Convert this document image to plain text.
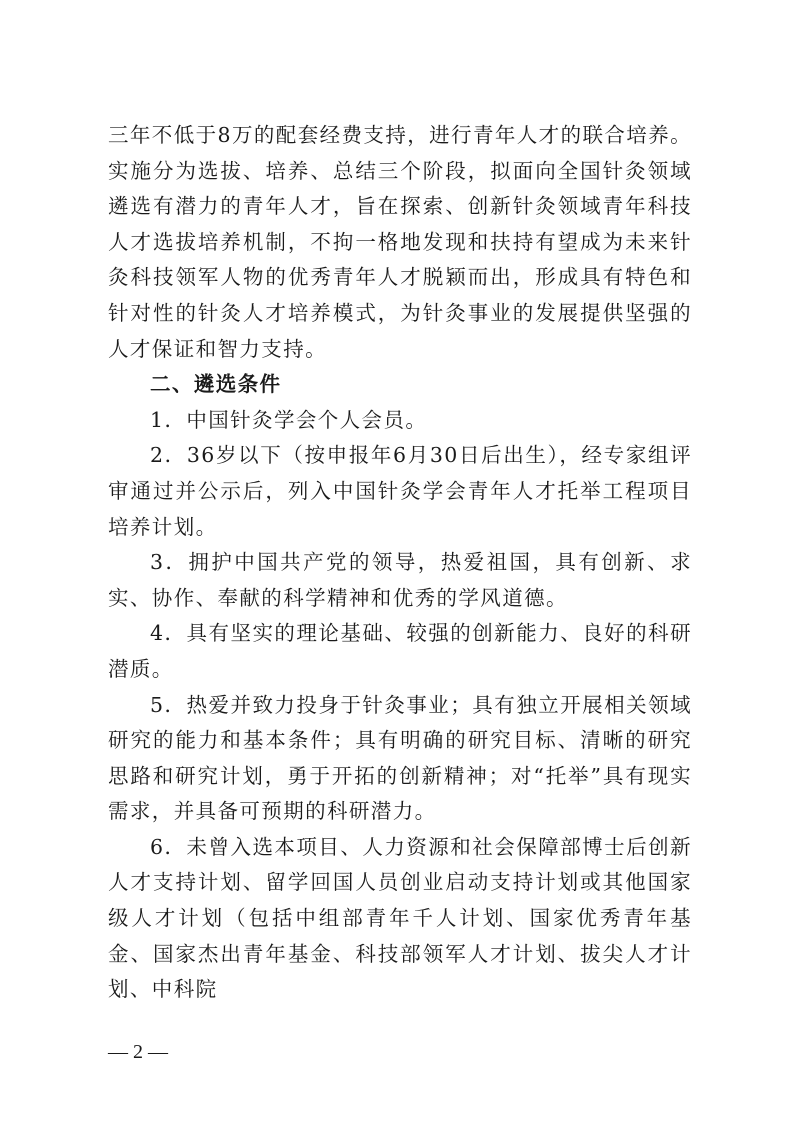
三年不低于8万的配套经费支持，进行青年人才的联合培养。实施分为选拔、培养、总结三个阶段，拟面向全国针灸领域遴选有潜力的青年人才，旨在探索、创新针灸领域青年科技人才选拔培养机制，不拘一格地发现和扶持有望成为未来针灸科技领军人物的优秀青年人才脱颖而出，形成具有特色和针对性的针灸人才培养模式，为针灸事业的发展提供坚强的人才保证和智力支持。

二、遴选条件

1．中国针灸学会个人会员。

2．36岁以下（按申报年6月30日后出生），经专家组评审通过并公示后，列入中国针灸学会青年人才托举工程项目培养计划。

3．拥护中国共产党的领导，热爱祖国，具有创新、求实、协作、奉献的科学精神和优秀的学风道德。

4．具有坚实的理论基础、较强的创新能力、良好的科研潜质。

5．热爱并致力投身于针灸事业；具有独立开展相关领域研究的能力和基本条件；具有明确的研究目标、清晰的研究思路和研究计划，勇于开拓的创新精神；对“托举”具有现实需求，并具备可预期的科研潜力。

6．未曾入选本项目、人力资源和社会保障部博士后创新人才支持计划、留学回国人员创业启动支持计划或其他国家级人才计划（包括中组部青年千人计划、国家优秀青年基金、国家杰出青年基金、科技部领军人才计划、拔尖人才计划、中科院

— 2 —
